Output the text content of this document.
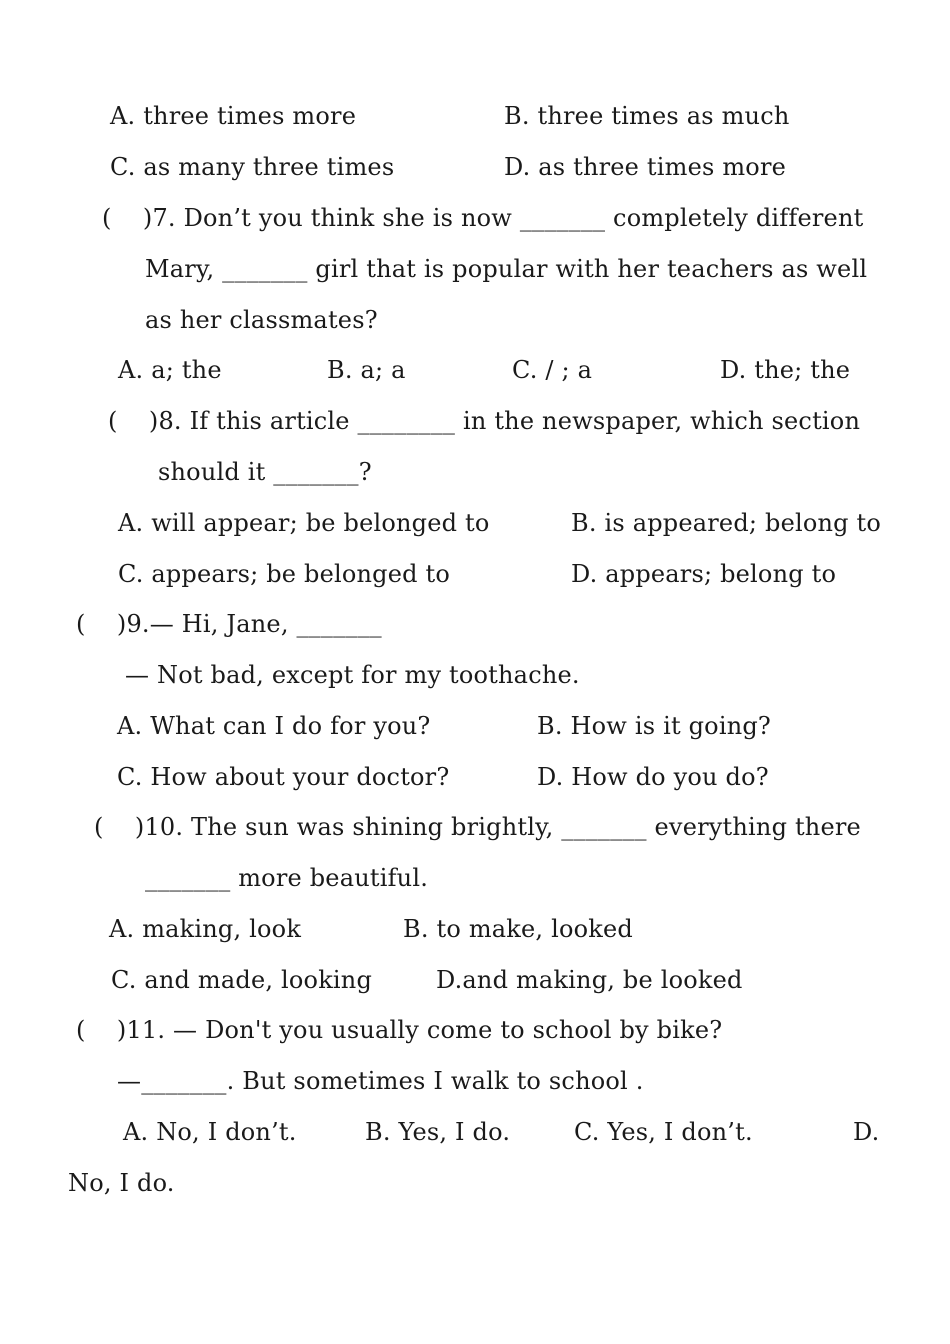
A. three times more	B. three times as much
C. as many three times	D. as three times more
(    )7. Don’t you think she is now _______ completely different
Mary, _______ girl that is popular with her teachers as well
as her classmates?
A. a; the	B. a; a	C. / ; a	D. the; the
(    )8. If this article ________ in the newspaper, which section
should it _______?
A. will appear; be belonged to	B. is appeared; belong to
C. appears; be belonged to	D. appears; belong to
(    )9.— Hi, Jane, _______
— Not bad, except for my toothache.
A. What can I do for you?	B. How is it going?
C. How about your doctor?	D. How do you do?
(    )10. The sun was shining brightly, _______ everything there
_______ more beautiful.
A. making, look	B. to make, looked
C. and made, looking	D.and making, be looked
(    )11. — Don't you usually come to school by bike?
—_______. But sometimes I walk to school .
A. No, I don’t.	B. Yes, I do.	C. Yes, I don’t.	D.
No, I do.
